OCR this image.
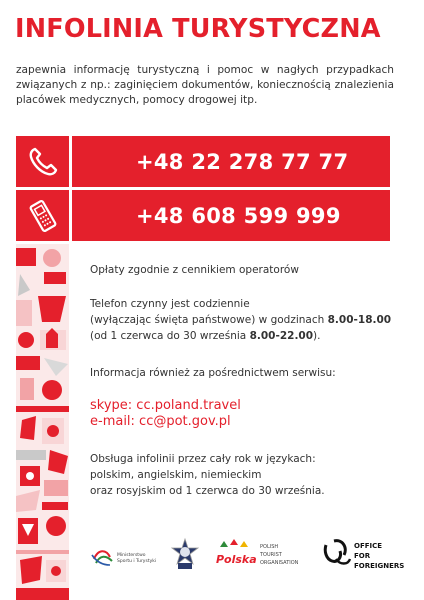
INFOLINIA TURYSTYCZNA
zapewnia informację turystyczną i pomoc w nagłych przypadkach związanych z np.: zaginięciem dokumentów, koniecznością znalezienia placówek medycznych, pomocy drogowej itp.
+48 22 278 77 77
+48 608 599 999

Opłaty zgodnie z cennikiem operatorów

Telefon czynny jest codziennie
(wyłączając święta państwowe) w godzinach 8.00-18.00
(od 1 czerwca do 30 września 8.00-22.00).

Informacja również za pośrednictwem serwisu:

skype: cc.poland.travel
e-mail: cc@pot.gov.pl

Obsługa infolinii przez cały rok w językach:
polskim, angielskim, niemieckim
oraz rosyjskim od 1 czerwca do 30 września.

Ministerstwo
Sportu i Turystyki	Polska
POLISH
TOURIST
ORGANISATION
OFFICE
FOR
FOREIGNERS
